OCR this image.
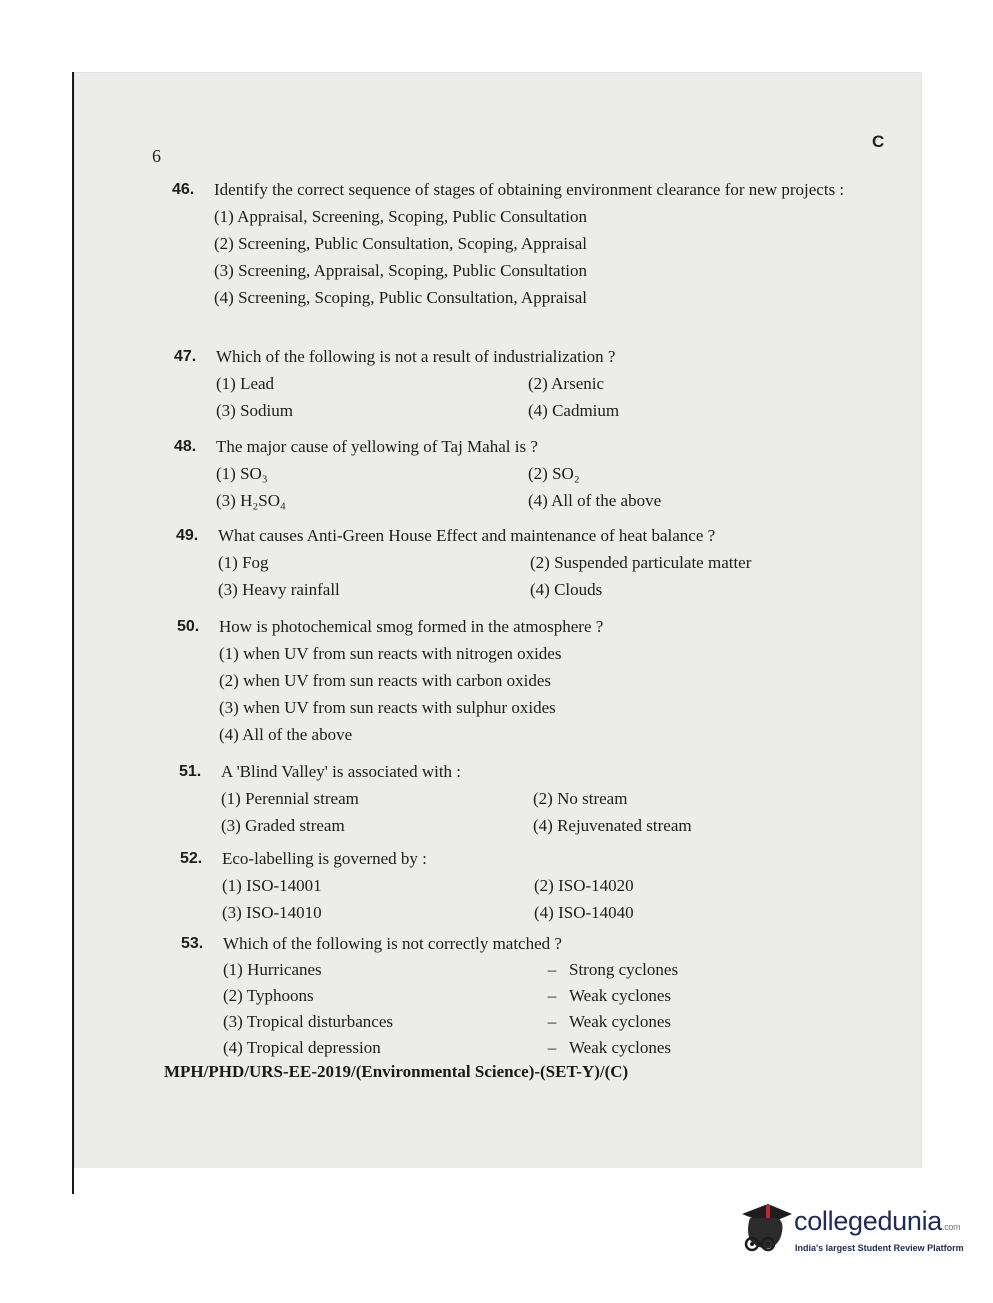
6
C
46. Identify the correct sequence of stages of obtaining environment clearance for new projects :
(1) Appraisal, Screening, Scoping, Public Consultation
(2) Screening, Public Consultation, Scoping, Appraisal
(3) Screening, Appraisal, Scoping, Public Consultation
(4) Screening, Scoping, Public Consultation, Appraisal
47. Which of the following is not a result of industrialization ?
(1) Lead	(2) Arsenic
(3) Sodium	(4) Cadmium
48. The major cause of yellowing of Taj Mahal is ?
(1) SO₃	(2) SO₂
(3) H₂SO₄	(4) All of the above
49. What causes Anti-Green House Effect and maintenance of heat balance ?
(1) Fog	(2) Suspended particulate matter
(3) Heavy rainfall	(4) Clouds
50. How is photochemical smog formed in the atmosphere ?
(1) when UV from sun reacts with nitrogen oxides
(2) when UV from sun reacts with carbon oxides
(3) when UV from sun reacts with sulphur oxides
(4) All of the above
51. A 'Blind Valley' is associated with :
(1) Perennial stream	(2) No stream
(3) Graded stream	(4) Rejuvenated stream
52. Eco-labelling is governed by :
(1) ISO-14001	(2) ISO-14020
(3) ISO-14010	(4) ISO-14040
53. Which of the following is not correctly matched ?
(1) Hurricanes	– Strong cyclones
(2) Typhoons	– Weak cyclones
(3) Tropical disturbances	– Weak cyclones
(4) Tropical depression	– Weak cyclones
MPH/PHD/URS-EE-2019/(Environmental Science)-(SET-Y)/(C)
collegedunia.com
India's largest Student Review Platform
